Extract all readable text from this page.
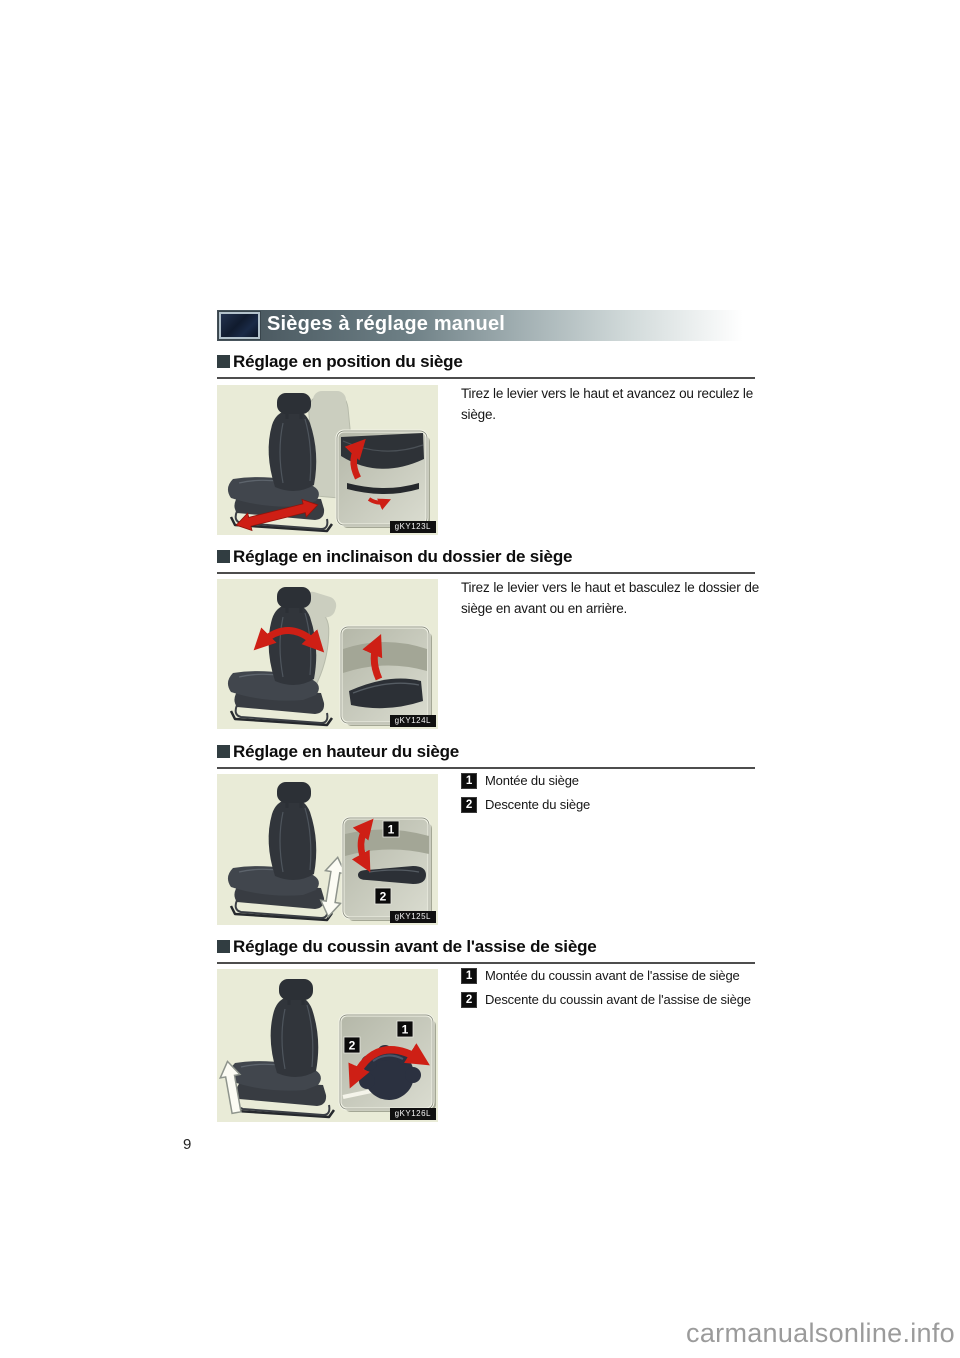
Sièges à réglage manuel
Réglage en position du siège
gKY123L

Tirez le levier vers le haut et avancez ou reculez le siège.

Réglage en inclinaison du dossier de siège
gKY124L

Tirez le levier vers le haut et basculez le dossier de siège en avant ou en arrière.

Réglage en hauteur du siège
1
2
gKY125L
1 Montée du siège
2 Descente du siège
Réglage du coussin avant de l'assise de siège
1
2
gKY126L
1 Montée du coussin avant de l'assise de siège
2 Descente du coussin avant de l'assise de siège
9
carmanualsonline.info
